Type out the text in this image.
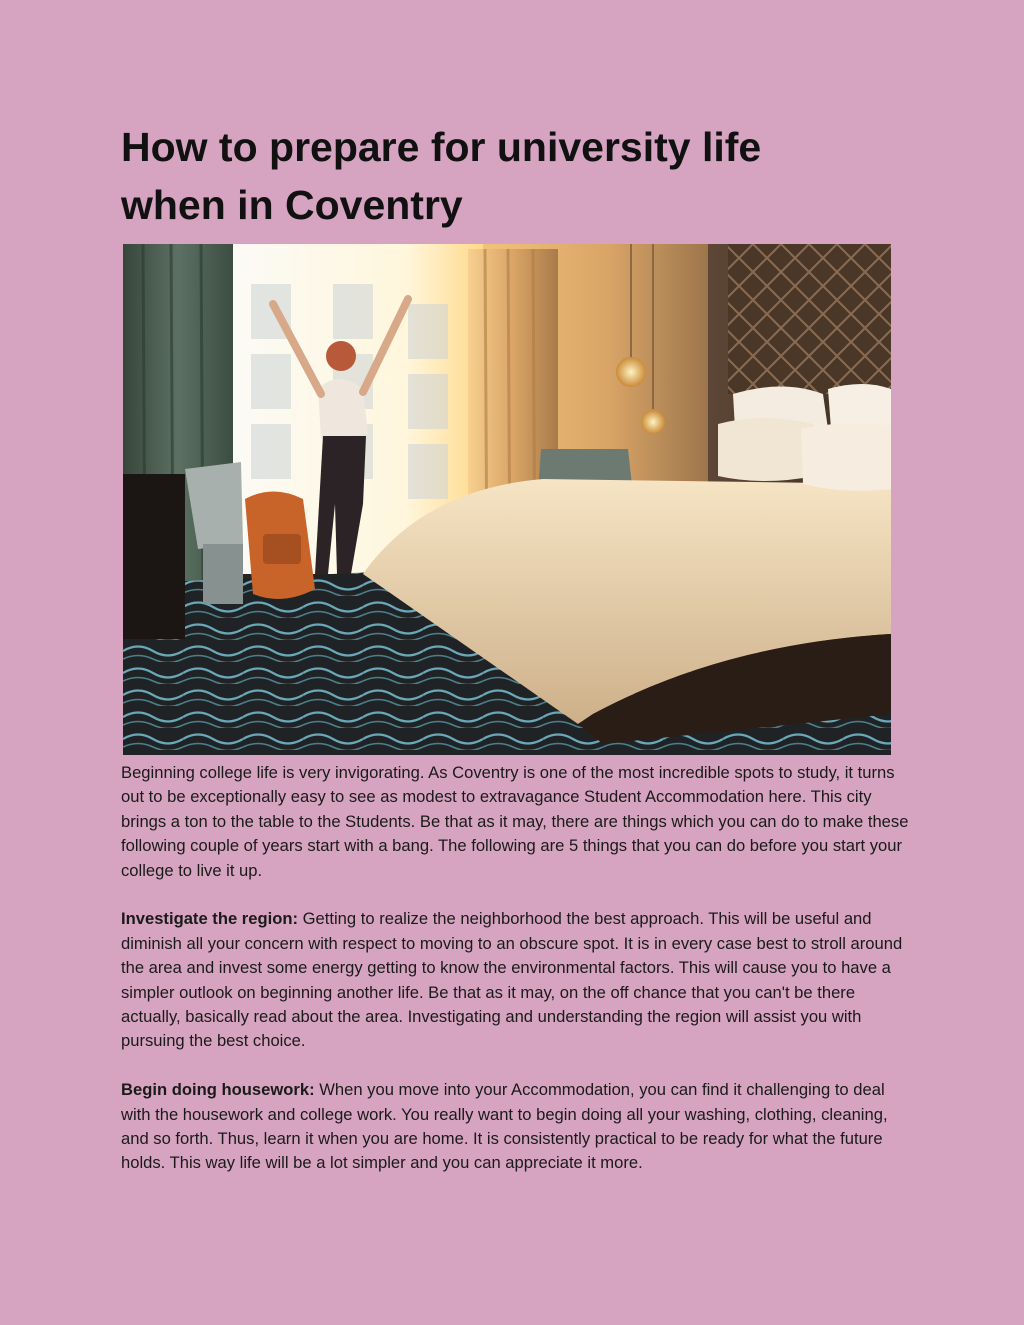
How to prepare for university life
when in Coventry

Beginning college life is very invigorating. As Coventry is one of the most incredible spots to study, it turns out to be exceptionally easy to see as modest to extravagance Student Accommodation here. This city brings a ton to the table to the Students. Be that as it may, there are things which you can do to make these following couple of years start with a bang. The following are 5 things that you can do before you start your college to live it up.

Investigate the region: Getting to realize the neighborhood the best approach. This will be useful and diminish all your concern with respect to moving to an obscure spot. It is in every case best to stroll around the area and invest some energy getting to know the environmental factors. This will cause you to have a simpler outlook on beginning another life. Be that as it may, on the off chance that you can't be there actually, basically read about the area. Investigating and understanding the region will assist you with pursuing the best choice.

Begin doing housework: When you move into your Accommodation, you can find it challenging to deal with the housework and college work. You really want to begin doing all your washing, clothing, cleaning, and so forth. Thus, learn it when you are home. It is consistently practical to be ready for what the future holds. This way life will be a lot simpler and you can appreciate it more.
